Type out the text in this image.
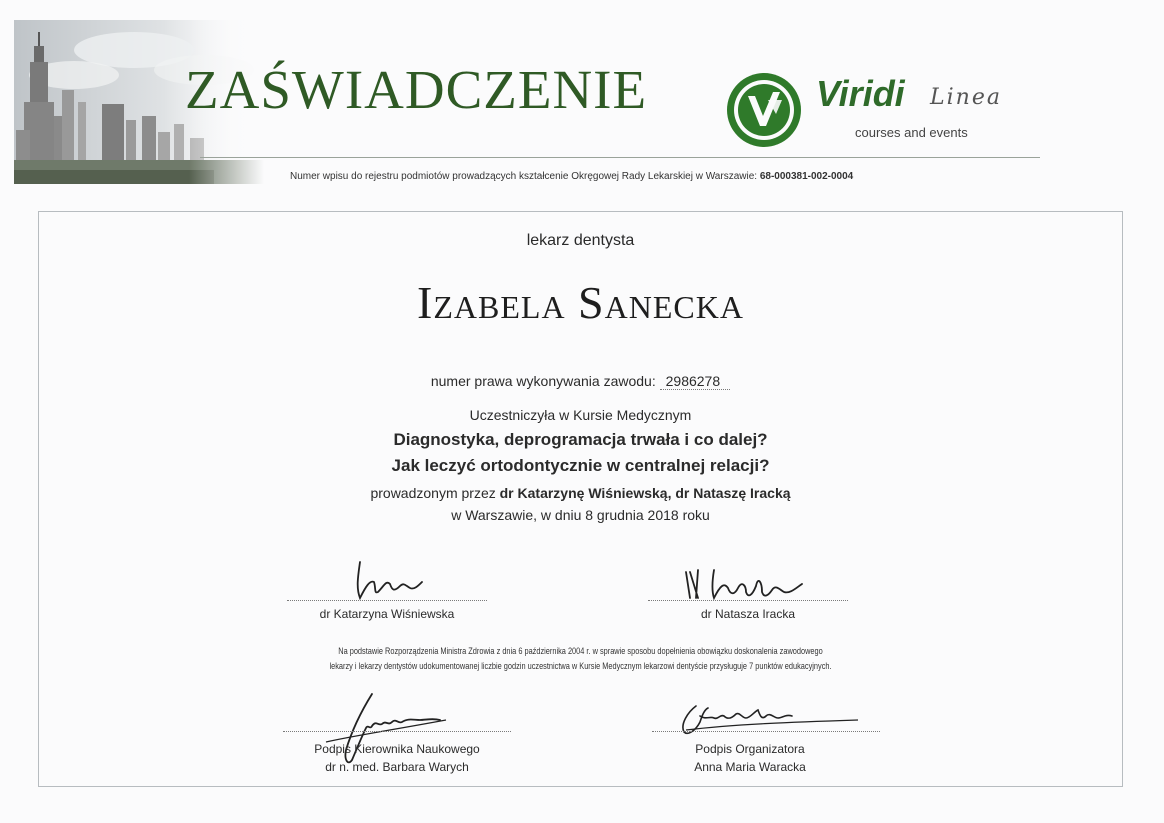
ZAŚWIADCZENIE	Viridi Linea
courses and events
Numer wpisu do rejestru podmiotów prowadzących kształcenie Okręgowej Rady Lekarskiej w Warszawie: 68-000381-002-0004
lekarz dentysta
Izabela Sanecka
numer prawa wykonywania zawodu: 2986278
Uczestniczyła w Kursie Medycznym
Diagnostyka, deprogramacja trwała i co dalej?
Jak leczyć ortodontycznie w centralnej relacji?
prowadzonym przez dr Katarzynę Wiśniewską, dr Nataszę Iracką
w Warszawie, w dniu 8 grudnia 2018 roku
dr Katarzyna Wiśniewska	dr Natasza Iracka
Na podstawie Rozporządzenia Ministra Zdrowia z dnia 6 października 2004 r. w sprawie sposobu dopełnienia obowiązku doskonalenia zawodowego
lekarzy i lekarzy dentystów udokumentowanej liczbie godzin uczestnictwa w Kursie Medycznym lekarzowi dentyście przysługuje 7 punktów edukacyjnych.
Podpis Kierownika Naukowego
dr n. med. Barbara Warych
Podpis Organizatora
Anna Maria Waracka
